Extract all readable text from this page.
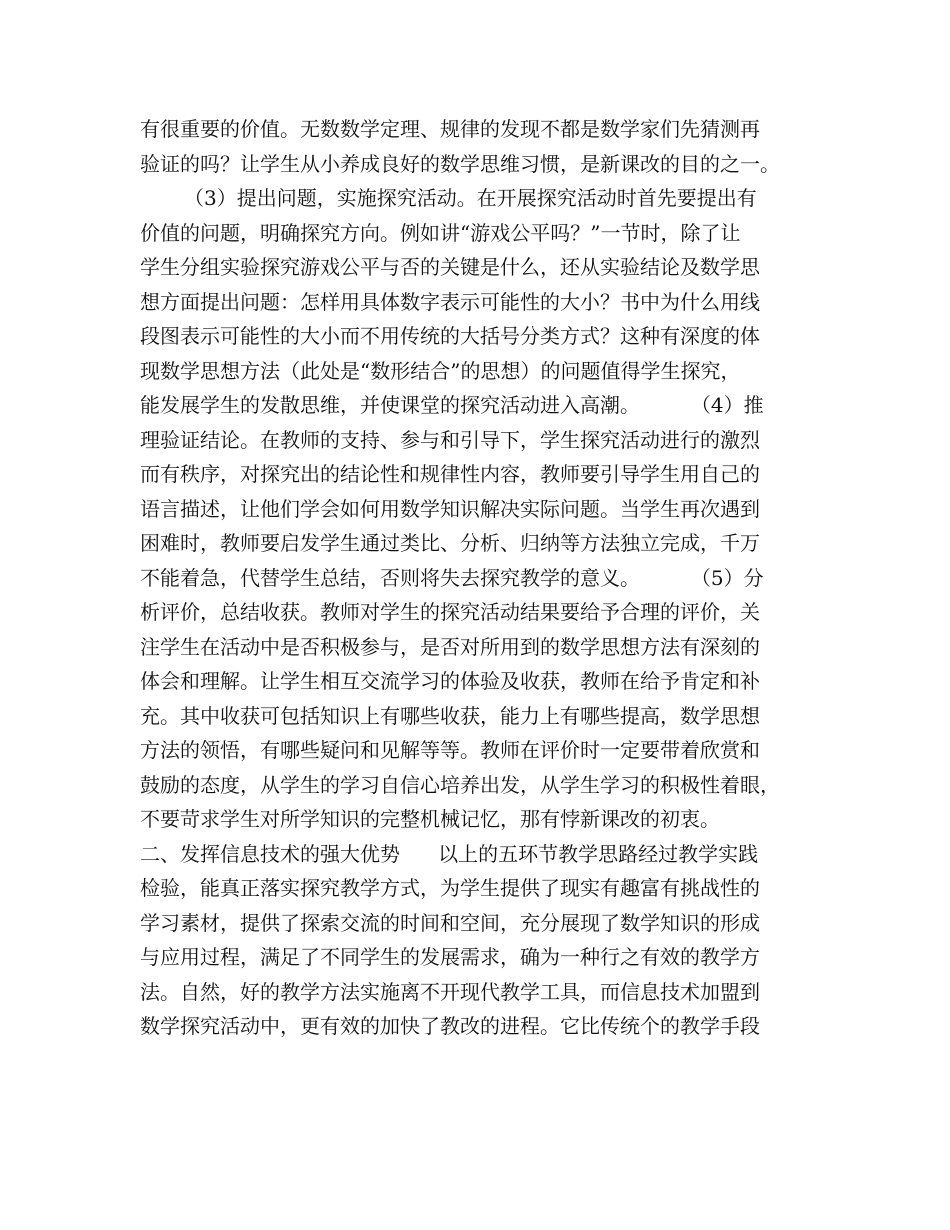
有很重要的价值。无数数学定理、规律的发现不都是数学家们先猜测再
验证的吗？让学生从小养成良好的数学思维习惯，是新课改的目的之一。
（3）提出问题，实施探究活动。在开展探究活动时首先要提出有
价值的问题，明确探究方向。例如讲“游戏公平吗？”一节时，除了让
学生分组实验探究游戏公平与否的关键是什么，还从实验结论及数学思
想方面提出问题：怎样用具体数字表示可能性的大小？书中为什么用线
段图表示可能性的大小而不用传统的大括号分类方式？这种有深度的体
现数学思想方法（此处是“数形结合”的思想）的问题值得学生探究，
能发展学生的发散思维，并使课堂的探究活动进入高潮。        （4）推
理验证结论。在教师的支持、参与和引导下，学生探究活动进行的激烈
而有秩序，对探究出的结论性和规律性内容，教师要引导学生用自己的
语言描述，让他们学会如何用数学知识解决实际问题。当学生再次遇到
困难时，教师要启发学生通过类比、分析、归纳等方法独立完成，千万
不能着急，代替学生总结，否则将失去探究教学的意义。        （5）分
析评价，总结收获。教师对学生的探究活动结果要给予合理的评价，关
注学生在活动中是否积极参与，是否对所用到的数学思想方法有深刻的
体会和理解。让学生相互交流学习的体验及收获，教师在给予肯定和补
充。其中收获可包括知识上有哪些收获，能力上有哪些提高，数学思想
方法的领悟，有哪些疑问和见解等等。教师在评价时一定要带着欣赏和
鼓励的态度，从学生的学习自信心培养出发，从学生学习的积极性着眼，
不要苛求学生对所学知识的完整机械记忆，那有悖新课改的初衷。
二、发挥信息技术的强大优势      以上的五环节教学思路经过教学实践
检验，能真正落实探究教学方式，为学生提供了现实有趣富有挑战性的
学习素材，提供了探索交流的时间和空间，充分展现了数学知识的形成
与应用过程，满足了不同学生的发展需求，确为一种行之有效的教学方
法。自然，好的教学方法实施离不开现代教学工具，而信息技术加盟到
数学探究活动中，更有效的加快了教改的进程。它比传统个的教学手段
